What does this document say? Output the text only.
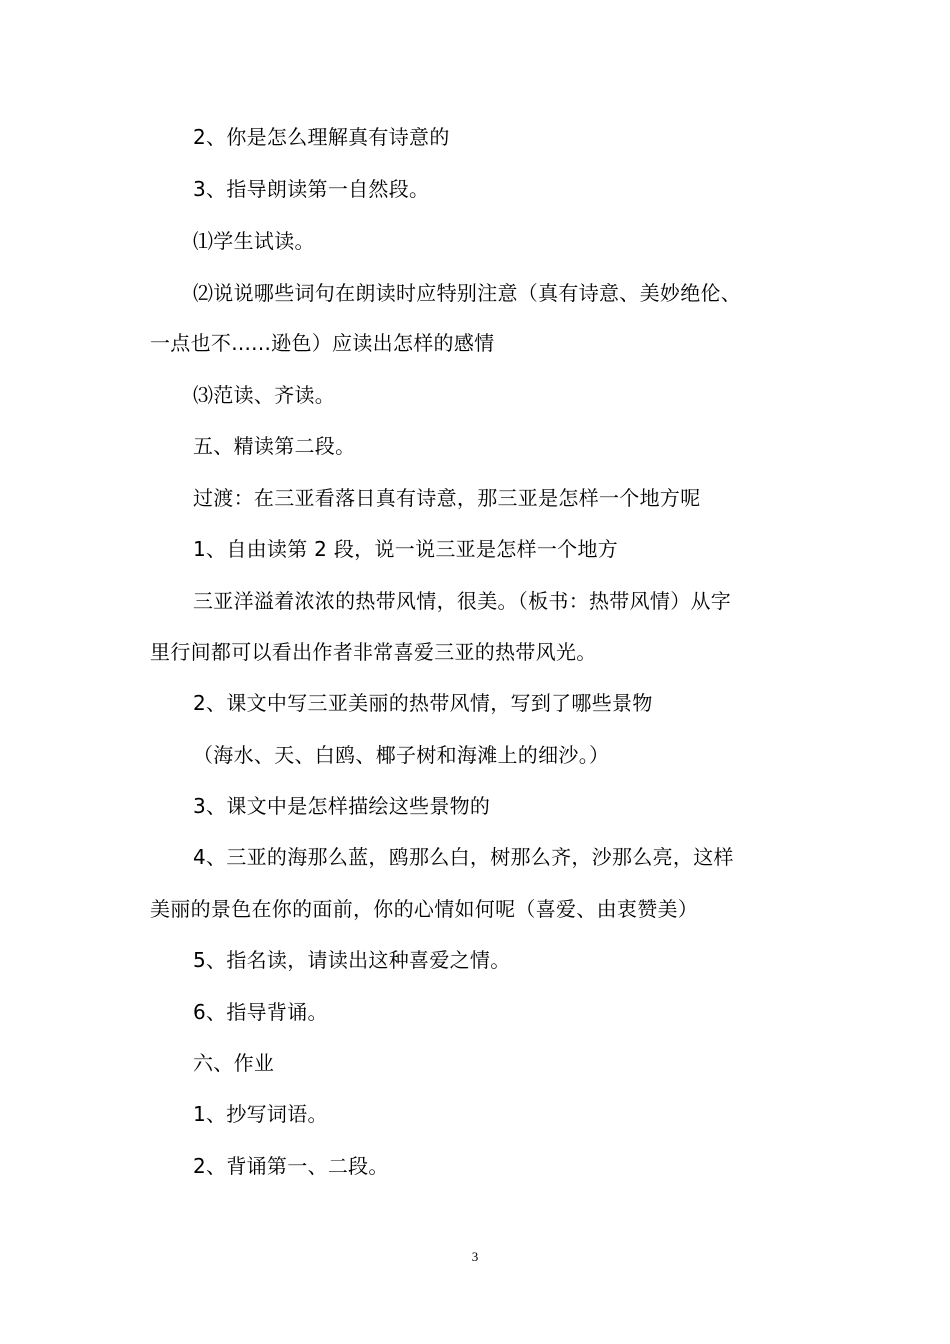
2、你是怎么理解真有诗意的
3、指导朗读第一自然段。
⑴学生试读。
⑵说说哪些词句在朗读时应特别注意（真有诗意、美妙绝伦、
一点也不......逊色）应读出怎样的感情
⑶范读、齐读。
五、精读第二段。
过渡：在三亚看落日真有诗意，那三亚是怎样一个地方呢
1、自由读第 2 段，说一说三亚是怎样一个地方
三亚洋溢着浓浓的热带风情，很美。（板书：热带风情）从字
里行间都可以看出作者非常喜爱三亚的热带风光。
2、课文中写三亚美丽的热带风情，写到了哪些景物
（海水、天、白鸥、椰子树和海滩上的细沙。）
3、课文中是怎样描绘这些景物的
4、三亚的海那么蓝，鸥那么白，树那么齐，沙那么亮，这样
美丽的景色在你的面前，你的心情如何呢（喜爱、由衷赞美）
5、指名读，请读出这种喜爱之情。
6、指导背诵。
六、作业
1、抄写词语。
2、背诵第一、二段。
3
